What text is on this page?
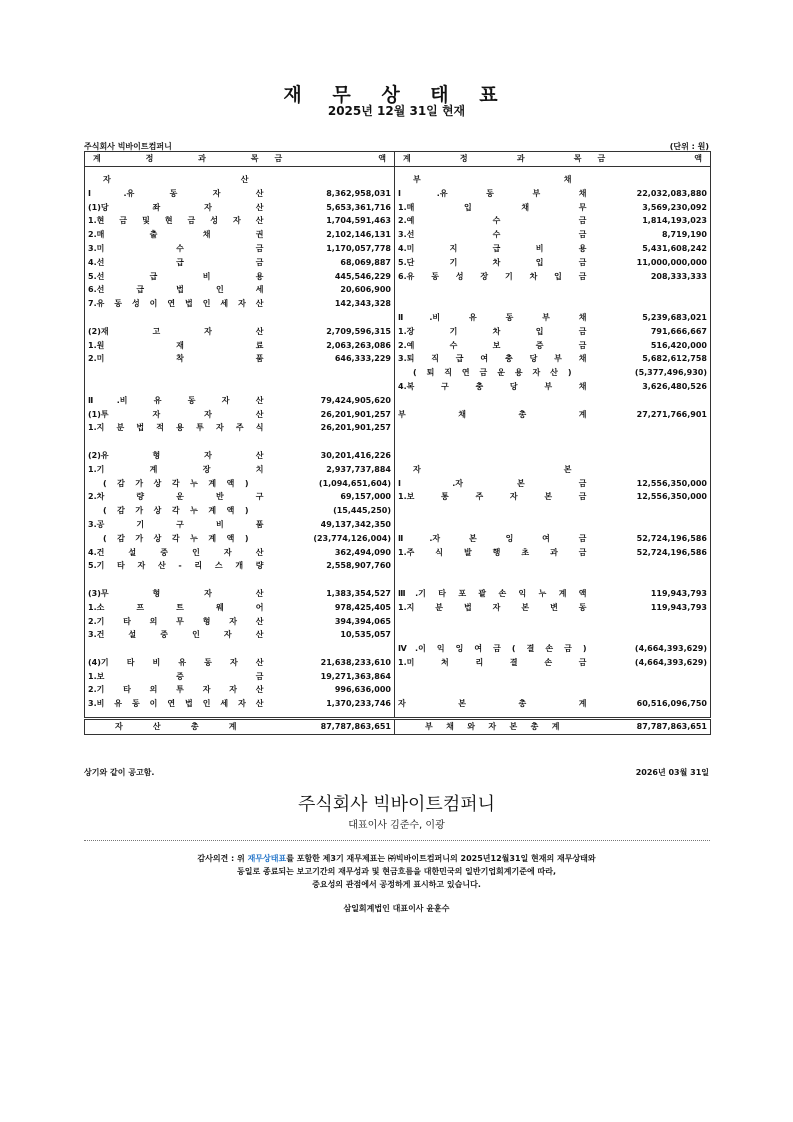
재 무 상 태 표
2025년 12월 31일 현재
주식회사 빅바이트컴퍼니	(단위 : 원)
계 정 과 목	금 액	계 정 과 목	금 액

자 산		부 채	
Ⅰ.유 동 자 산	8,362,958,031	Ⅰ.유 동 부 채	22,032,083,880
(1)당 좌 자 산	5,653,361,716	1.매 입 채 무	3,569,230,092
1.현 금 및 현 금 성 자 산	1,704,591,463	2.예 수 금	1,814,193,023
2.매 출 채 권	2,102,146,131	3.선 수 금	8,719,190
3.미 수 금	1,170,057,778	4.미 지 급 비 용	5,431,608,242
4.선 급 금	68,069,887	5.단 기 차 입 금	11,000,000,000
5.선 급 비 용	445,546,229	6.유 동 성 장 기 차 입 금	208,333,333
6.선 급 법 인 세	20,606,900		
7.유 동 성 이 연 법 인 세 자 산	142,343,328		
		Ⅱ.비 유 동 부 채	5,239,683,021
(2)재 고 자 산	2,709,596,315	1.장 기 차 입 금	791,666,667
1.원 재 료	2,063,263,086	2.예 수 보 증 금	516,420,000
2.미 착 품	646,333,229	3.퇴 직 급 여 충 당 부 채	5,682,612,758
		( 퇴 직 연 금 운 용 자 산 )	(5,377,496,930)
		4.복 구 충 당 부 채	3,626,480,526
Ⅱ.비 유 동 자 산	79,424,905,620		
(1)투 자 자 산	26,201,901,257	부 채 총 계	27,271,766,901
1.지 분 법 적 용 투 자 주 식	26,201,901,257		

(2)유 형 자 산	30,201,416,226		
1.기 계 장 치	2,937,737,884	자 본	
( 감 가 상 각 누 계 액 )	(1,094,651,604)	Ⅰ.자 본 금	12,556,350,000
2.차 량 운 반 구	69,157,000	1.보 통 주 자 본 금	12,556,350,000
( 감 가 상 각 누 계 액 )	(15,445,250)		
3.공 기 구 비 품	49,137,342,350		
( 감 가 상 각 누 계 액 )	(23,774,126,004)	Ⅱ.자 본 잉 여 금	52,724,196,586
4.건 설 중 인 자 산	362,494,090	1.주 식 발 행 초 과 금	52,724,196,586
5.기 타 자 산 - 리 스 개 량	2,558,907,760		

(3)무 형 자 산	1,383,354,527	Ⅲ.기 타 포 괄 손 익 누 계 액	119,943,793
1.소 프 트 웨 어	978,425,405	1.지 분 법 자 본 변 동	119,943,793
2.기 타 의 무 형 자 산	394,394,065		
3.건 설 중 인 자 산	10,535,057		
		Ⅳ.이 익 잉 여 금 ( 결 손 금 )	(4,664,393,629)
(4)기 타 비 유 동 자 산	21,638,233,610	1.미 처 리 결 손 금	(4,664,393,629)
1.보 증 금	19,271,363,864		
2.기 타 의 투 자 자 산	996,636,000		
3.비 유 동 이 연 법 인 세 자 산	1,370,233,746	자 본 총 계	60,516,096,750

자 산 총 계	87,787,863,651	부 채 와 자 본 총 계	87,787,863,651
상기와 같이 공고함.	2026년 03월 31일
주식회사 빅바이트컴퍼니
대표이사 김준수, 이광
감사의견 : 위 재무상태표를 포함한 제3기 재무제표는 ㈜빅바이트컴퍼니의 2025년12월31일 현재의 재무상태와
동일로 종료되는 보고기간의 재무성과 및 현금흐름을 대한민국의 일반기업회계기준에 따라,
중요성의 관점에서 공정하게 표시하고 있습니다.
삼일회계법인 대표이사 윤훈수
